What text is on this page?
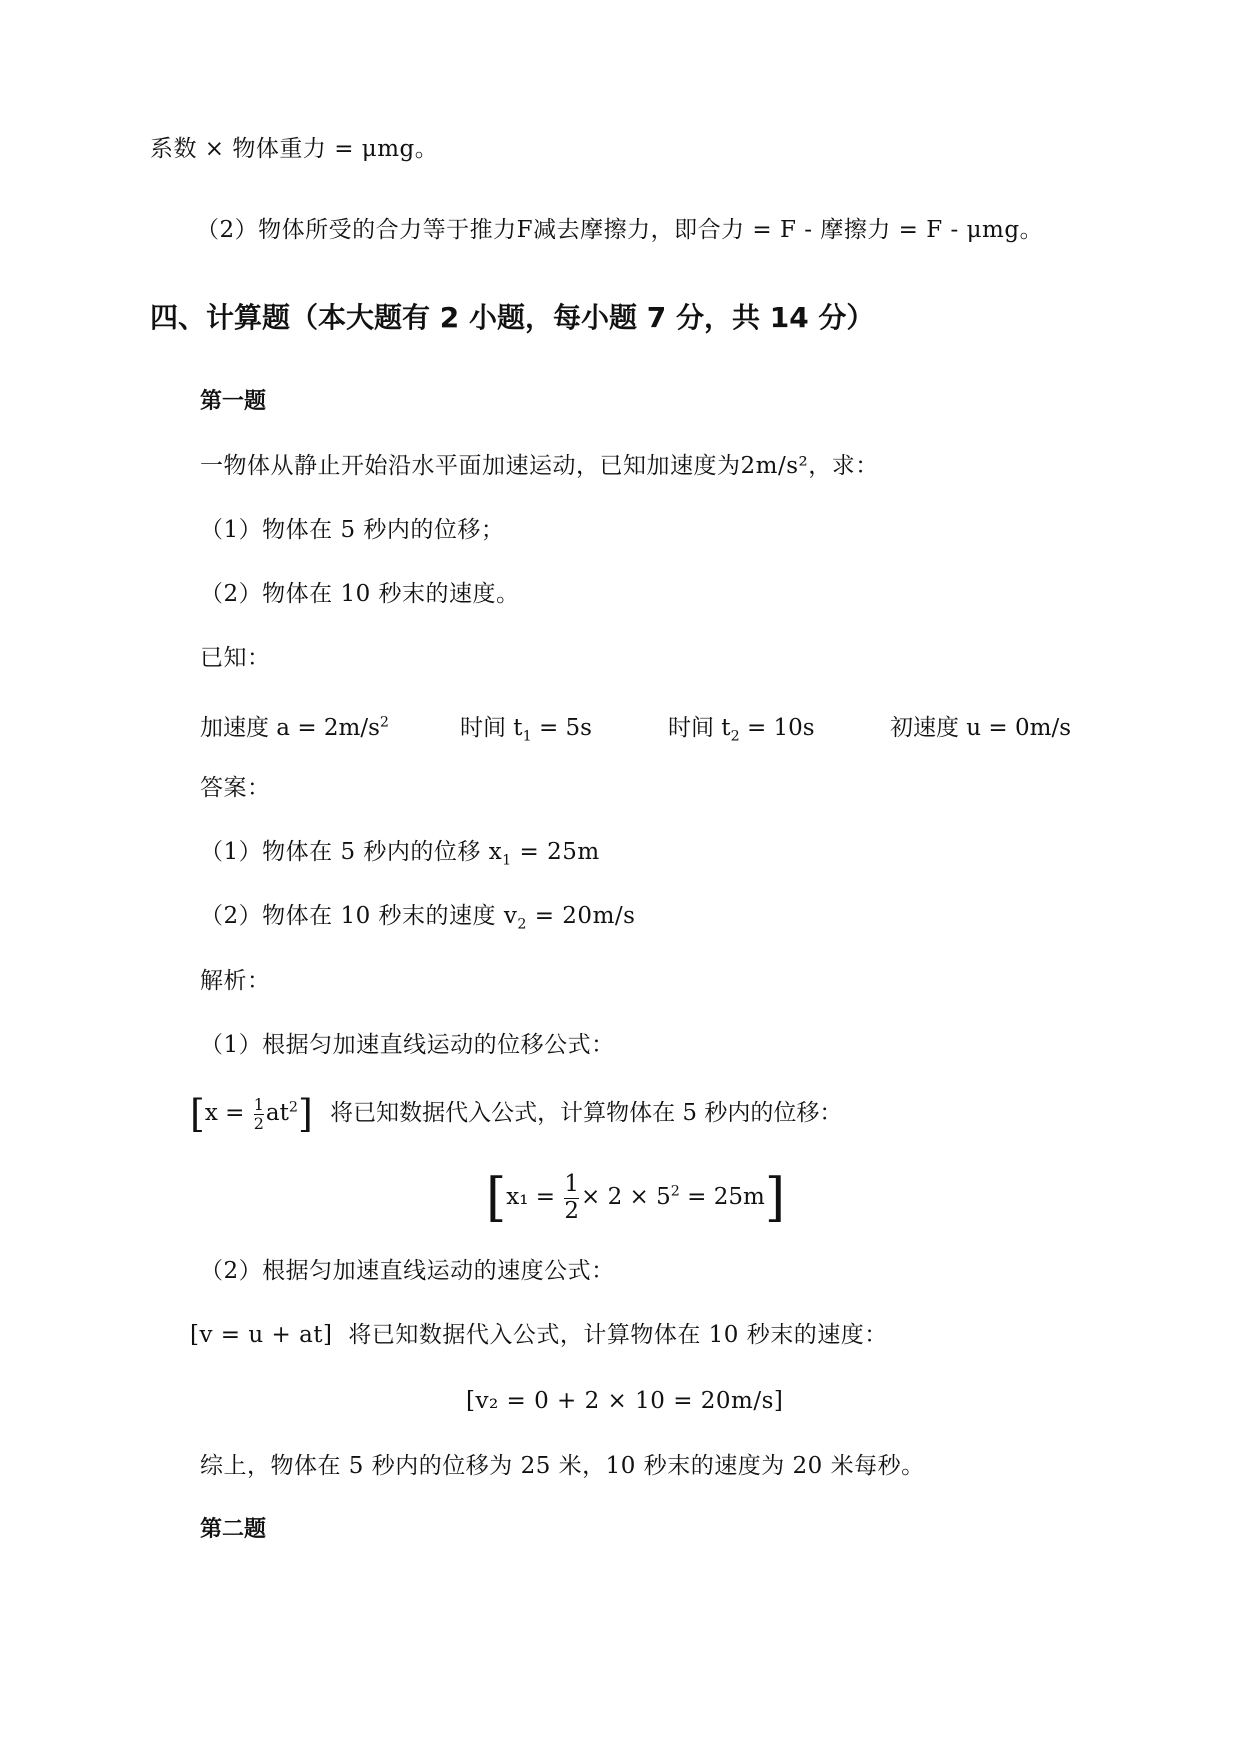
系数 × 物体重力 = μmg。
（2）物体所受的合力等于推力F减去摩擦力，即合力 = F - 摩擦力 = F - μmg。
四、计算题（本大题有 2 小题，每小题 7 分，共 14 分）
第一题
一物体从静止开始沿水平面加速运动，已知加速度为2m/s²，求：
（1）物体在 5 秒内的位移；
（2）物体在 10 秒末的速度。
已知：
加速度 $a = 2m/s^2$	时间 $t_1 = 5s$	时间 $t_2 = 10s$	初速度 u = 0m/s
答案：
（1）物体在 5 秒内的位移 $x_1 = 25m$
（2）物体在 10 秒末的速度 $v_2 = 20m/s$
解析：
（1）根据匀加速直线运动的位移公式：
$[x = \frac{1}{2} at^2]$ 将已知数据代入公式，计算物体在 5 秒内的位移：
$[x_1 = \frac{1}{2} \times 2 \times 5^2 = 25m]$
（2）根据匀加速直线运动的速度公式：
[v = u + at] 将已知数据代入公式，计算物体在 10 秒末的速度：
[v₂ = 0 + 2 × 10 = 20m/s]
综上，物体在 5 秒内的位移为 25 米，10 秒末的速度为 20 米每秒。
第二题
